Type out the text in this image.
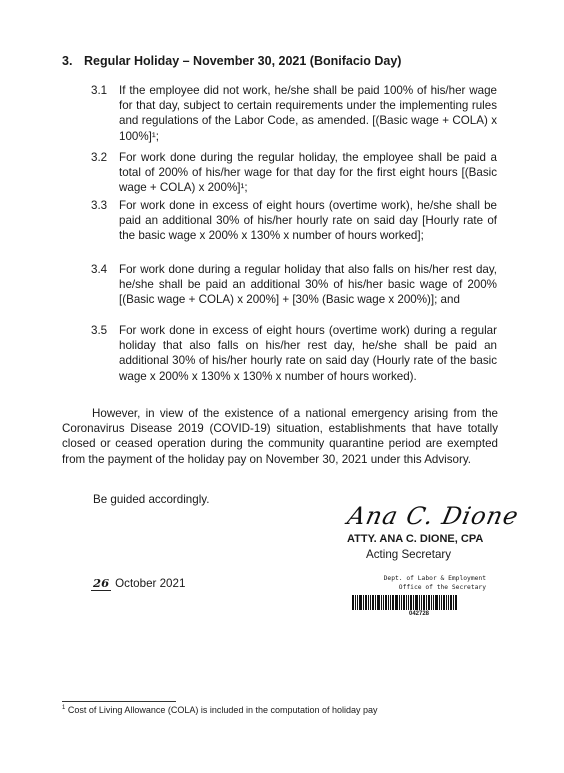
3. Regular Holiday – November 30, 2021 (Bonifacio Day)
3.1	If the employee did not work, he/she shall be paid 100% of his/her wage for that day, subject to certain requirements under the implementing rules and regulations of the Labor Code, as amended. [(Basic wage + COLA) x 100%]¹;
3.2	For work done during the regular holiday, the employee shall be paid a total of 200% of his/her wage for that day for the first eight hours [(Basic wage + COLA) x 200%]¹;
3.3	For work done in excess of eight hours (overtime work), he/she shall be paid an additional 30% of his/her hourly rate on said day [Hourly rate of the basic wage x 200% x 130% x number of hours worked];
3.4	For work done during a regular holiday that also falls on his/her rest day, he/she shall be paid an additional 30% of his/her basic wage of 200% [(Basic wage + COLA) x 200%] + [30% (Basic wage x 200%)]; and
3.5	For work done in excess of eight hours (overtime work) during a regular holiday that also falls on his/her rest day, he/she shall be paid an additional 30% of his/her hourly rate on said day (Hourly rate of the basic wage x 200% x 130% x 130% x number of hours worked).
However, in view of the existence of a national emergency arising from the Coronavirus Disease 2019 (COVID-19) situation, establishments that have totally closed or ceased operation during the community quarantine period are exempted from the payment of the holiday pay on November 30, 2021 under this Advisory.
Be guided accordingly.
Ana C. Dione
ATTY. ANA C. DIONE, CPA
Acting Secretary
26 October 2021	Dept. of Labor & Employment
Office of the Secretary
042728
$^1$ Cost of Living Allowance (COLA) is included in the computation of holiday pay
